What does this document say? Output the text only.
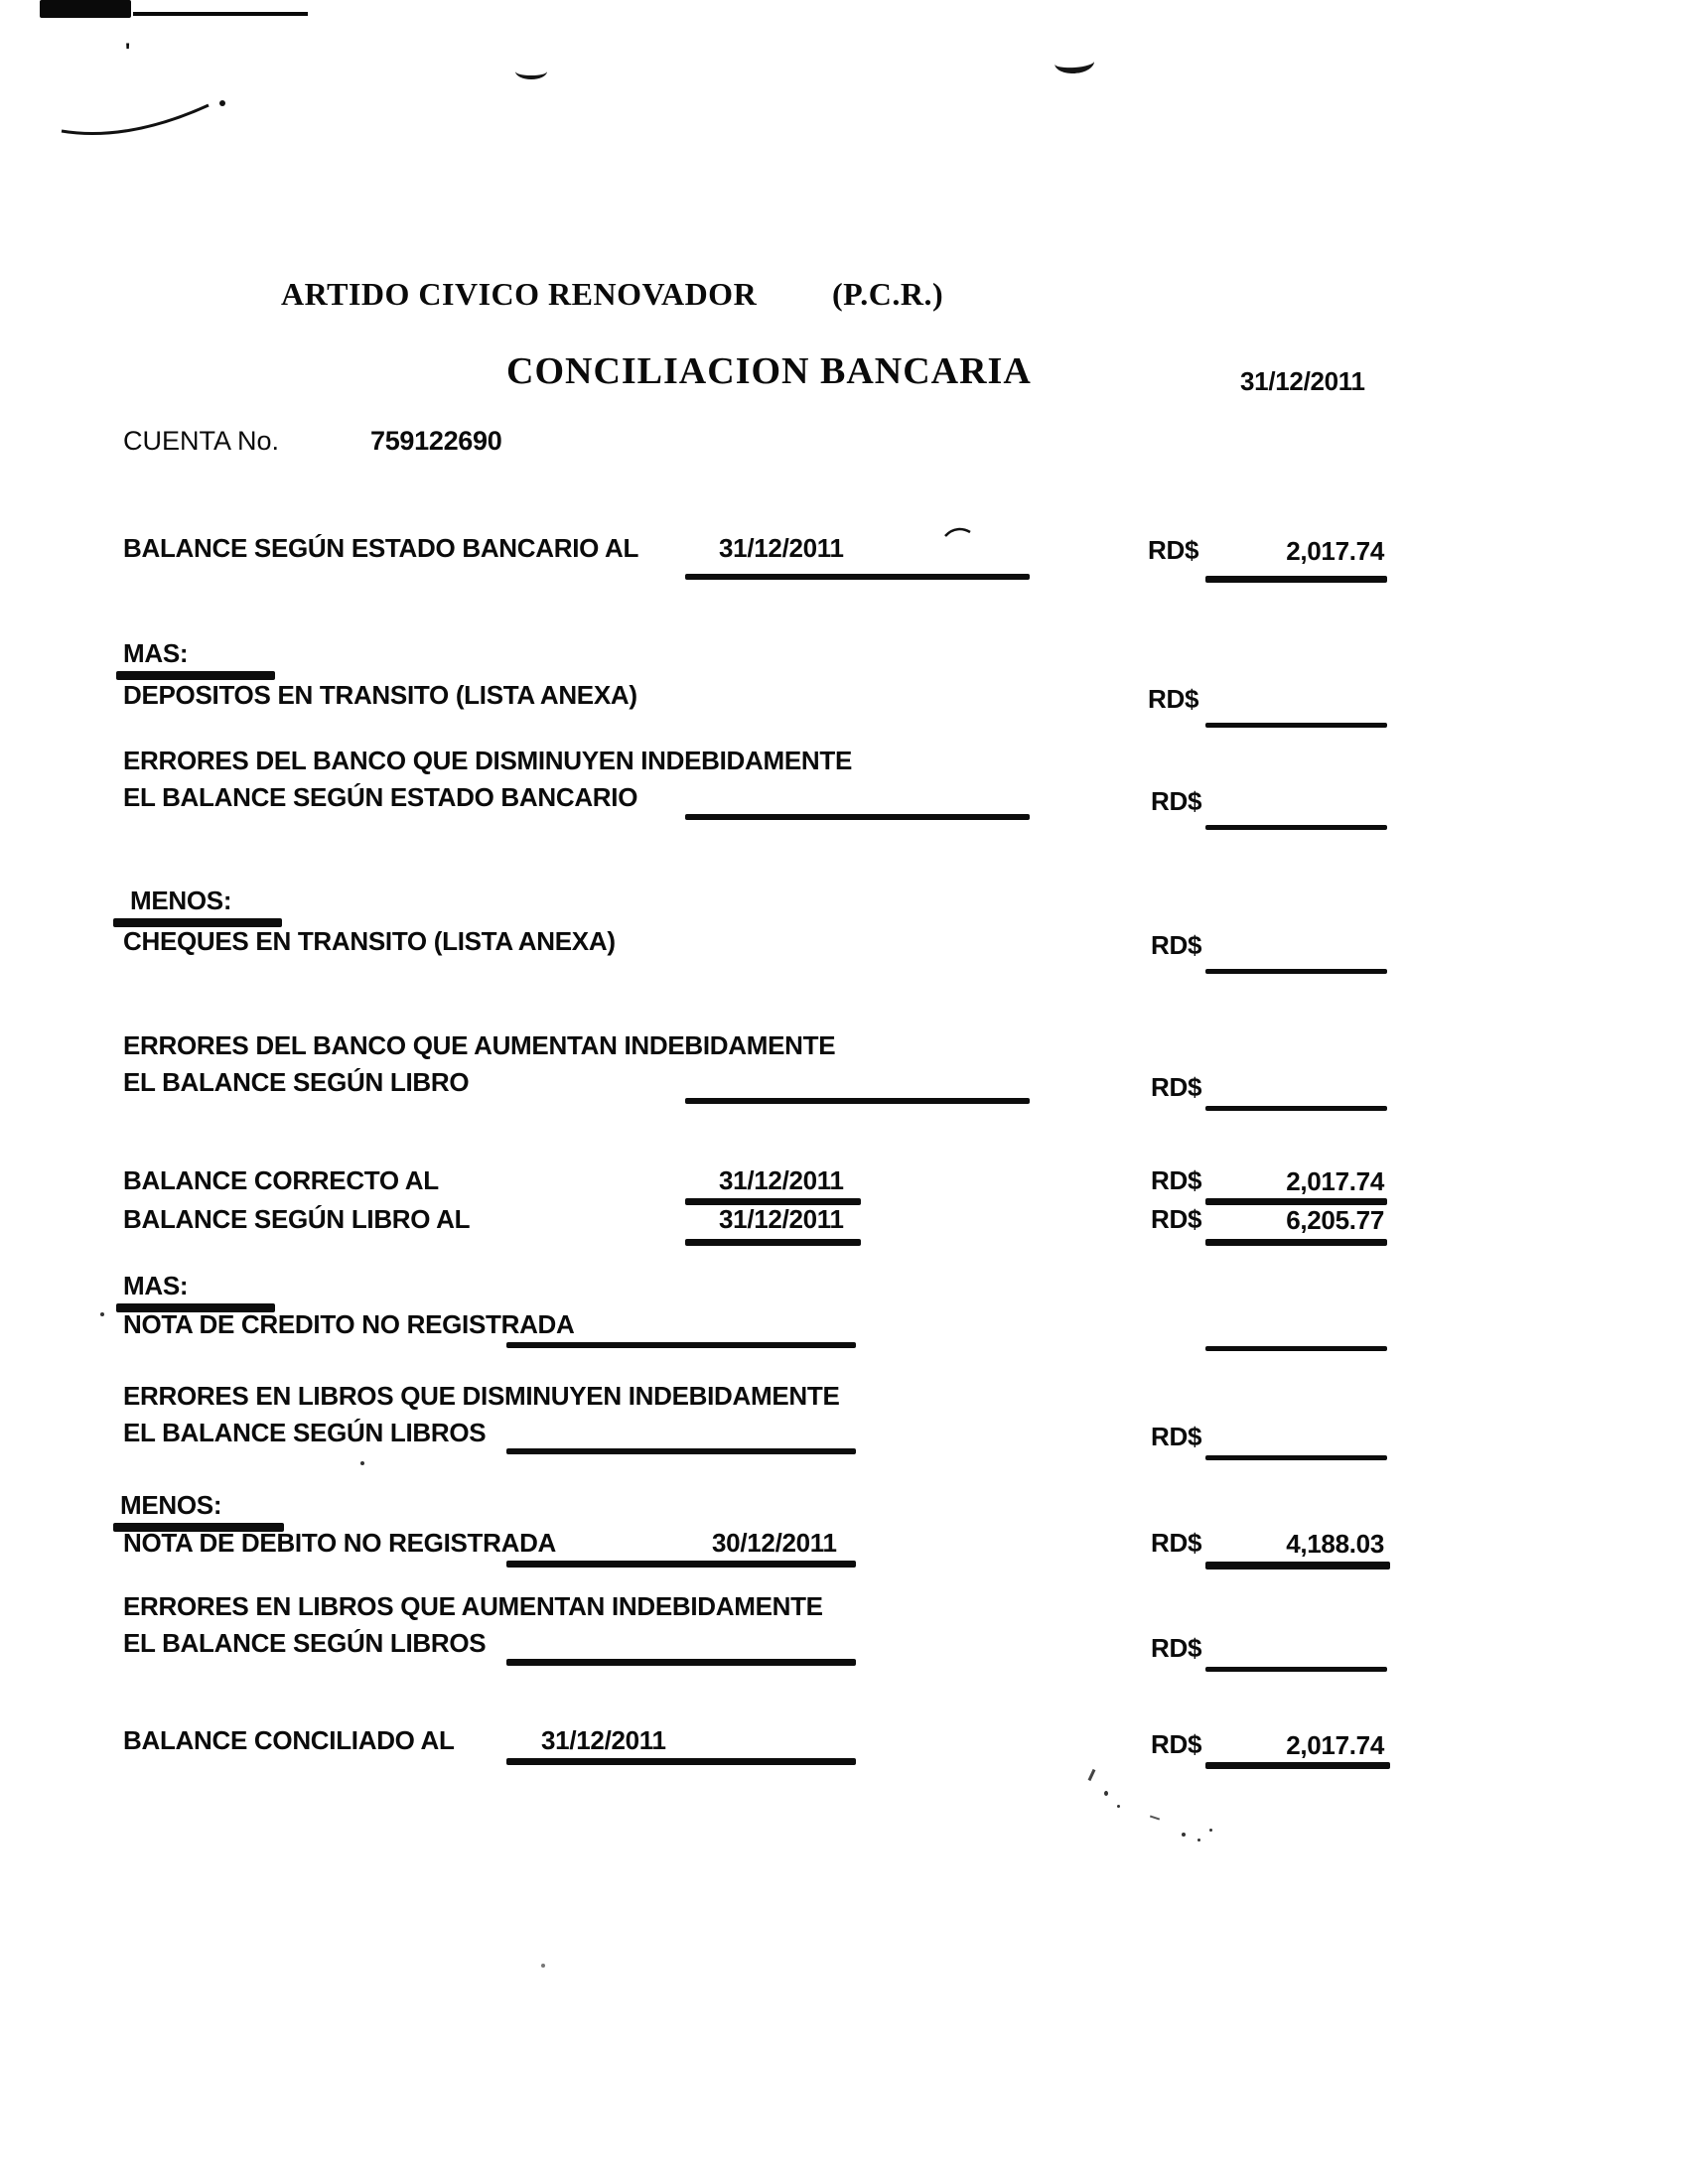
'
ARTIDO CIVICO RENOVADOR (P.C.R.)
CONCILIACION BANCARIA	31/12/2011
CUENTA No.	759122690
BALANCE SEGÚN ESTADO BANCARIO AL	31/12/2011	RD$	2,017.74
MAS:
DEPOSITOS EN TRANSITO (LISTA ANEXA)	RD$
ERRORES DEL BANCO QUE DISMINUYEN INDEBIDAMENTE
EL BALANCE SEGÚN ESTADO BANCARIO	RD$
MENOS:
CHEQUES EN TRANSITO (LISTA ANEXA)	RD$
ERRORES DEL BANCO QUE AUMENTAN INDEBIDAMENTE
EL BALANCE SEGÚN LIBRO	RD$
BALANCE CORRECTO AL	31/12/2011	RD$	2,017.74
BALANCE SEGÚN LIBRO AL	31/12/2011	RD$	6,205.77
MAS:
NOTA DE CREDITO NO REGISTRADA
ERRORES EN LIBROS QUE DISMINUYEN INDEBIDAMENTE
EL BALANCE SEGÚN LIBROS	RD$
MENOS:
NOTA DE DEBITO NO REGISTRADA	30/12/2011	RD$	4,188.03
ERRORES EN LIBROS QUE AUMENTAN INDEBIDAMENTE
EL BALANCE SEGÚN LIBROS	RD$
BALANCE CONCILIADO AL	31/12/2011	RD$	2,017.74
